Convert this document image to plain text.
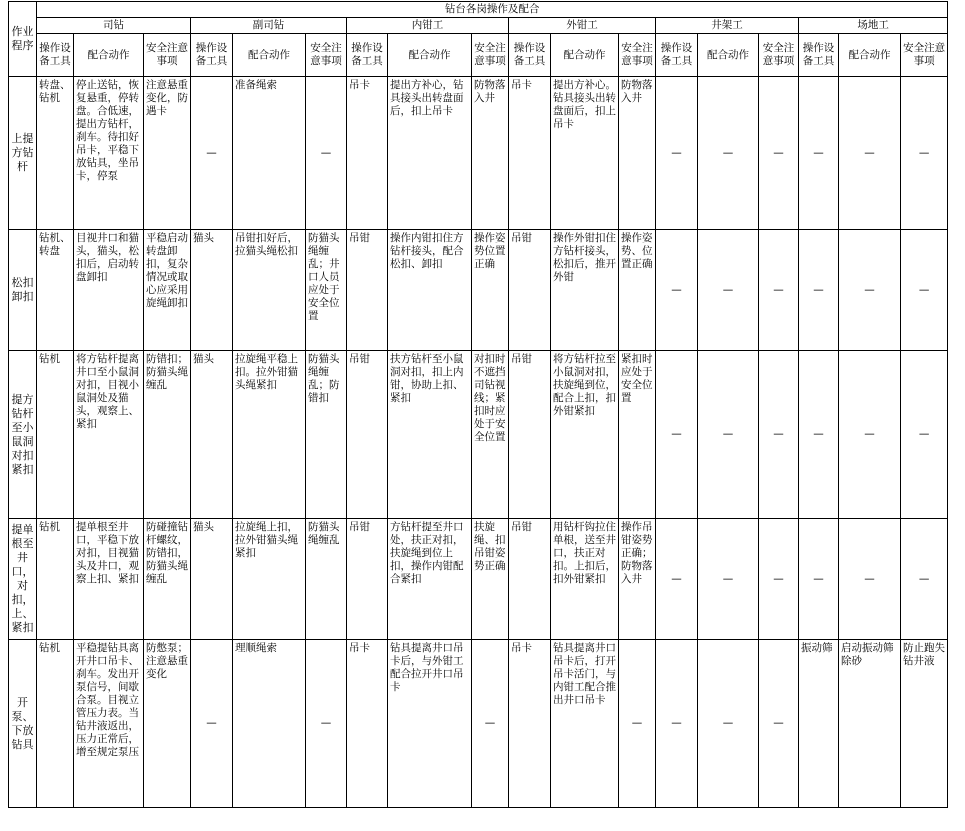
作业程序	钻台各岗操作及配合																	
	司钻			副司钻			内钳工			外钳工			井架工			场地工		
	操作设备工具	配合动作	安全注意事项	操作设备工具	配合动作	安全注意事项	操作设备工具	配合动作	安全注意事项	操作设备工具	配合动作	安全注意事项	操作设备工具	配合动作	安全注意事项	操作设备工具	配合动作	安全注意事项
上提方钻杆	转盘、钻机	停止送钻，恢复悬重，停转盘。合低速，提出方钻杆，刹车。待扣好吊卡，平稳下放钻具，坐吊卡，停泵	注意悬重变化，防遇卡	—	准备绳索	—	吊卡	提出方补心，钻具接头出转盘面后，扣上吊卡	防物落入井	吊卡	提出方补心。钻具接头出转盘面后，扣上吊卡	防物落入井	—	—	—	—	—	—
松扣卸扣	钻机、转盘	目视井口和猫头，猫头，松扣后，启动转盘卸扣	平稳启动转盘卸扣，复杂情况或取心应采用旋绳卸扣	猫头	吊钳扣好后，拉猫头绳松扣	防猫头绳缠乱；井口人员应处于安全位置	吊钳	操作内钳扣住方钻杆接头，配合松扣、卸扣	操作姿势位置正确	吊钳	操作外钳扣住方钻杆接头，松扣后，推开外钳	操作姿势、位置正确	—	—	—	—	—	—
提方钻杆至小鼠洞对扣紧扣	钻机	将方钻杆提离井口至小鼠洞对扣，目视小鼠洞处及猫头，观察上、紧扣	防错扣；防猫头绳缠乱	猫头	拉旋绳平稳上扣。拉外钳猫头绳紧扣	防猫头绳缠乱；防错扣	吊钳	扶方钻杆至小鼠洞对扣，扣上内钳，协助上扣、紧扣	对扣时不遮挡司钻视线；紧扣时应处于安全位置	吊钳	将方钻杆拉至小鼠洞对扣，扶旋绳到位，配合上扣，扣外钳紧扣	紧扣时应处于安全位置	—	—	—	—	—	—
提单根至井口，对扣，上、紧扣	钻机	提单根至井口，平稳下放对扣，目视猫头及井口，观察上扣、紧扣	防碰撞钻杆螺纹，防错扣，防猫头绳缠乱	猫头	拉旋绳上扣，拉外钳猫头绳紧扣	防猫头绳缠乱	吊钳	方钻杆提至井口处，扶正对扣，扶旋绳到位上扣，操作内钳配合紧扣	扶旋绳、扣吊钳姿势正确	吊钳	用钻杆钩拉住单根，送至井口，扶正对扣。上扣后，扣外钳紧扣	操作吊钳姿势正确；防物落入井	—	—	—	—	—	—
开泵、下放钻具	钻机	平稳提钻具离开井口吊卡、刹车。发出开泵信号，间歇合泵。目视立管压力表。当钻井液返出，压力正常后，增至规定泵压	防憋泵；注意悬重变化	—	理顺绳索	—	吊卡	钻具提离井口吊卡后，与外钳工配合拉开井口吊卡	—	吊卡	钻具提离井口吊卡后，打开吊卡活门，与内钳工配合推出井口吊卡	—	—	—	—	振动筛	启动振动筛除砂	防止跑失钻井液
